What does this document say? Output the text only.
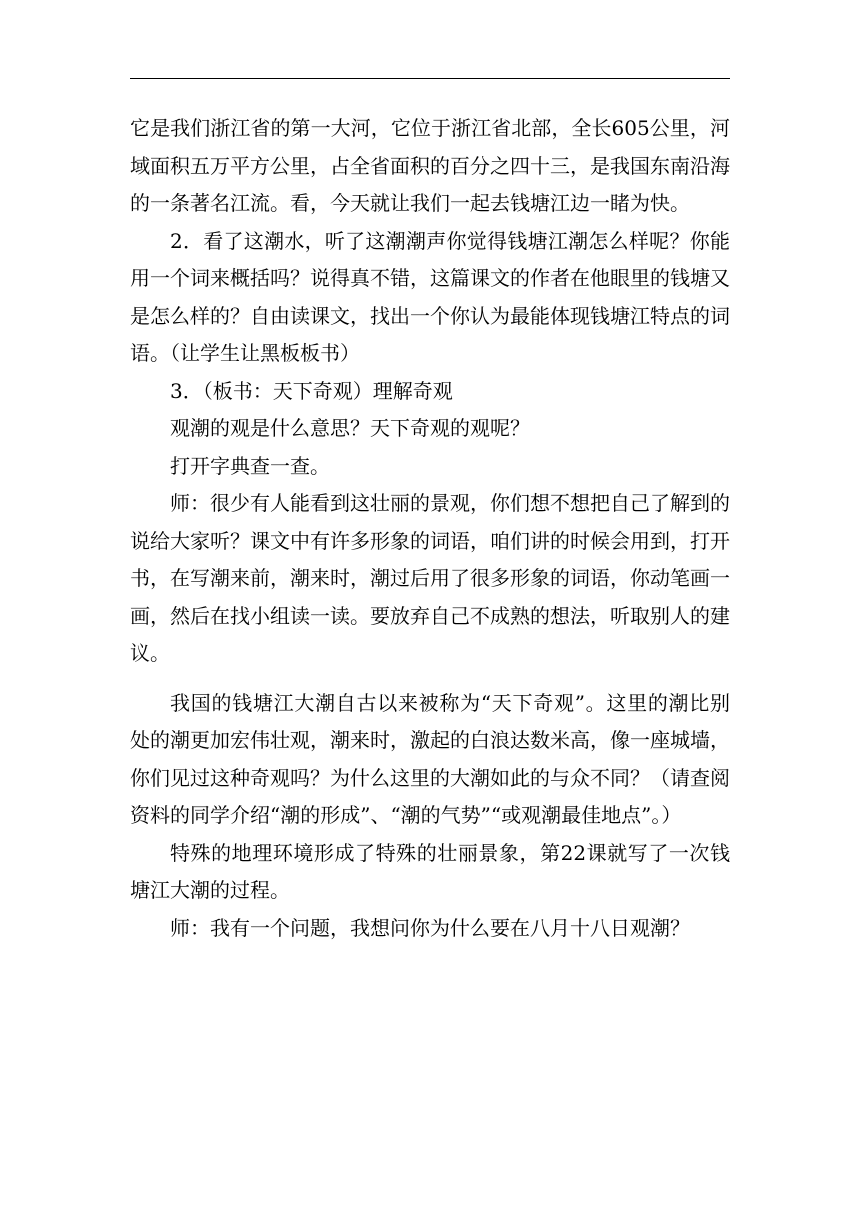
它是我们浙江省的第一大河，它位于浙江省北部，全长605公里，河域面积五万平方公里，占全省面积的百分之四十三，是我国东南沿海的一条著名江流。看，今天就让我们一起去钱塘江边一睹为快。

2．看了这潮水，听了这潮潮声你觉得钱塘江潮怎么样呢？你能用一个词来概括吗？说得真不错，这篇课文的作者在他眼里的钱塘又是怎么样的？自由读课文，找出一个你认为最能体现钱塘江特点的词语。（让学生让黑板板书）

3．（板书：天下奇观）理解奇观

观潮的观是什么意思？天下奇观的观呢？

打开字典查一查。

师：很少有人能看到这壮丽的景观，你们想不想把自己了解到的说给大家听？课文中有许多形象的词语，咱们讲的时候会用到，打开书，在写潮来前，潮来时，潮过后用了很多形象的词语，你动笔画一画，然后在找小组读一读。要放弃自己不成熟的想法，听取别人的建议。

我国的钱塘江大潮自古以来被称为“天下奇观”。这里的潮比别处的潮更加宏伟壮观，潮来时，激起的白浪达数米高，像一座城墙，你们见过这种奇观吗？为什么这里的大潮如此的与众不同？（请查阅资料的同学介绍“潮的形成”、“潮的气势”“或观潮最佳地点”。）

特殊的地理环境形成了特殊的壮丽景象，第22课就写了一次钱塘江大潮的过程。

师：我有一个问题，我想问你为什么要在八月十八日观潮？
